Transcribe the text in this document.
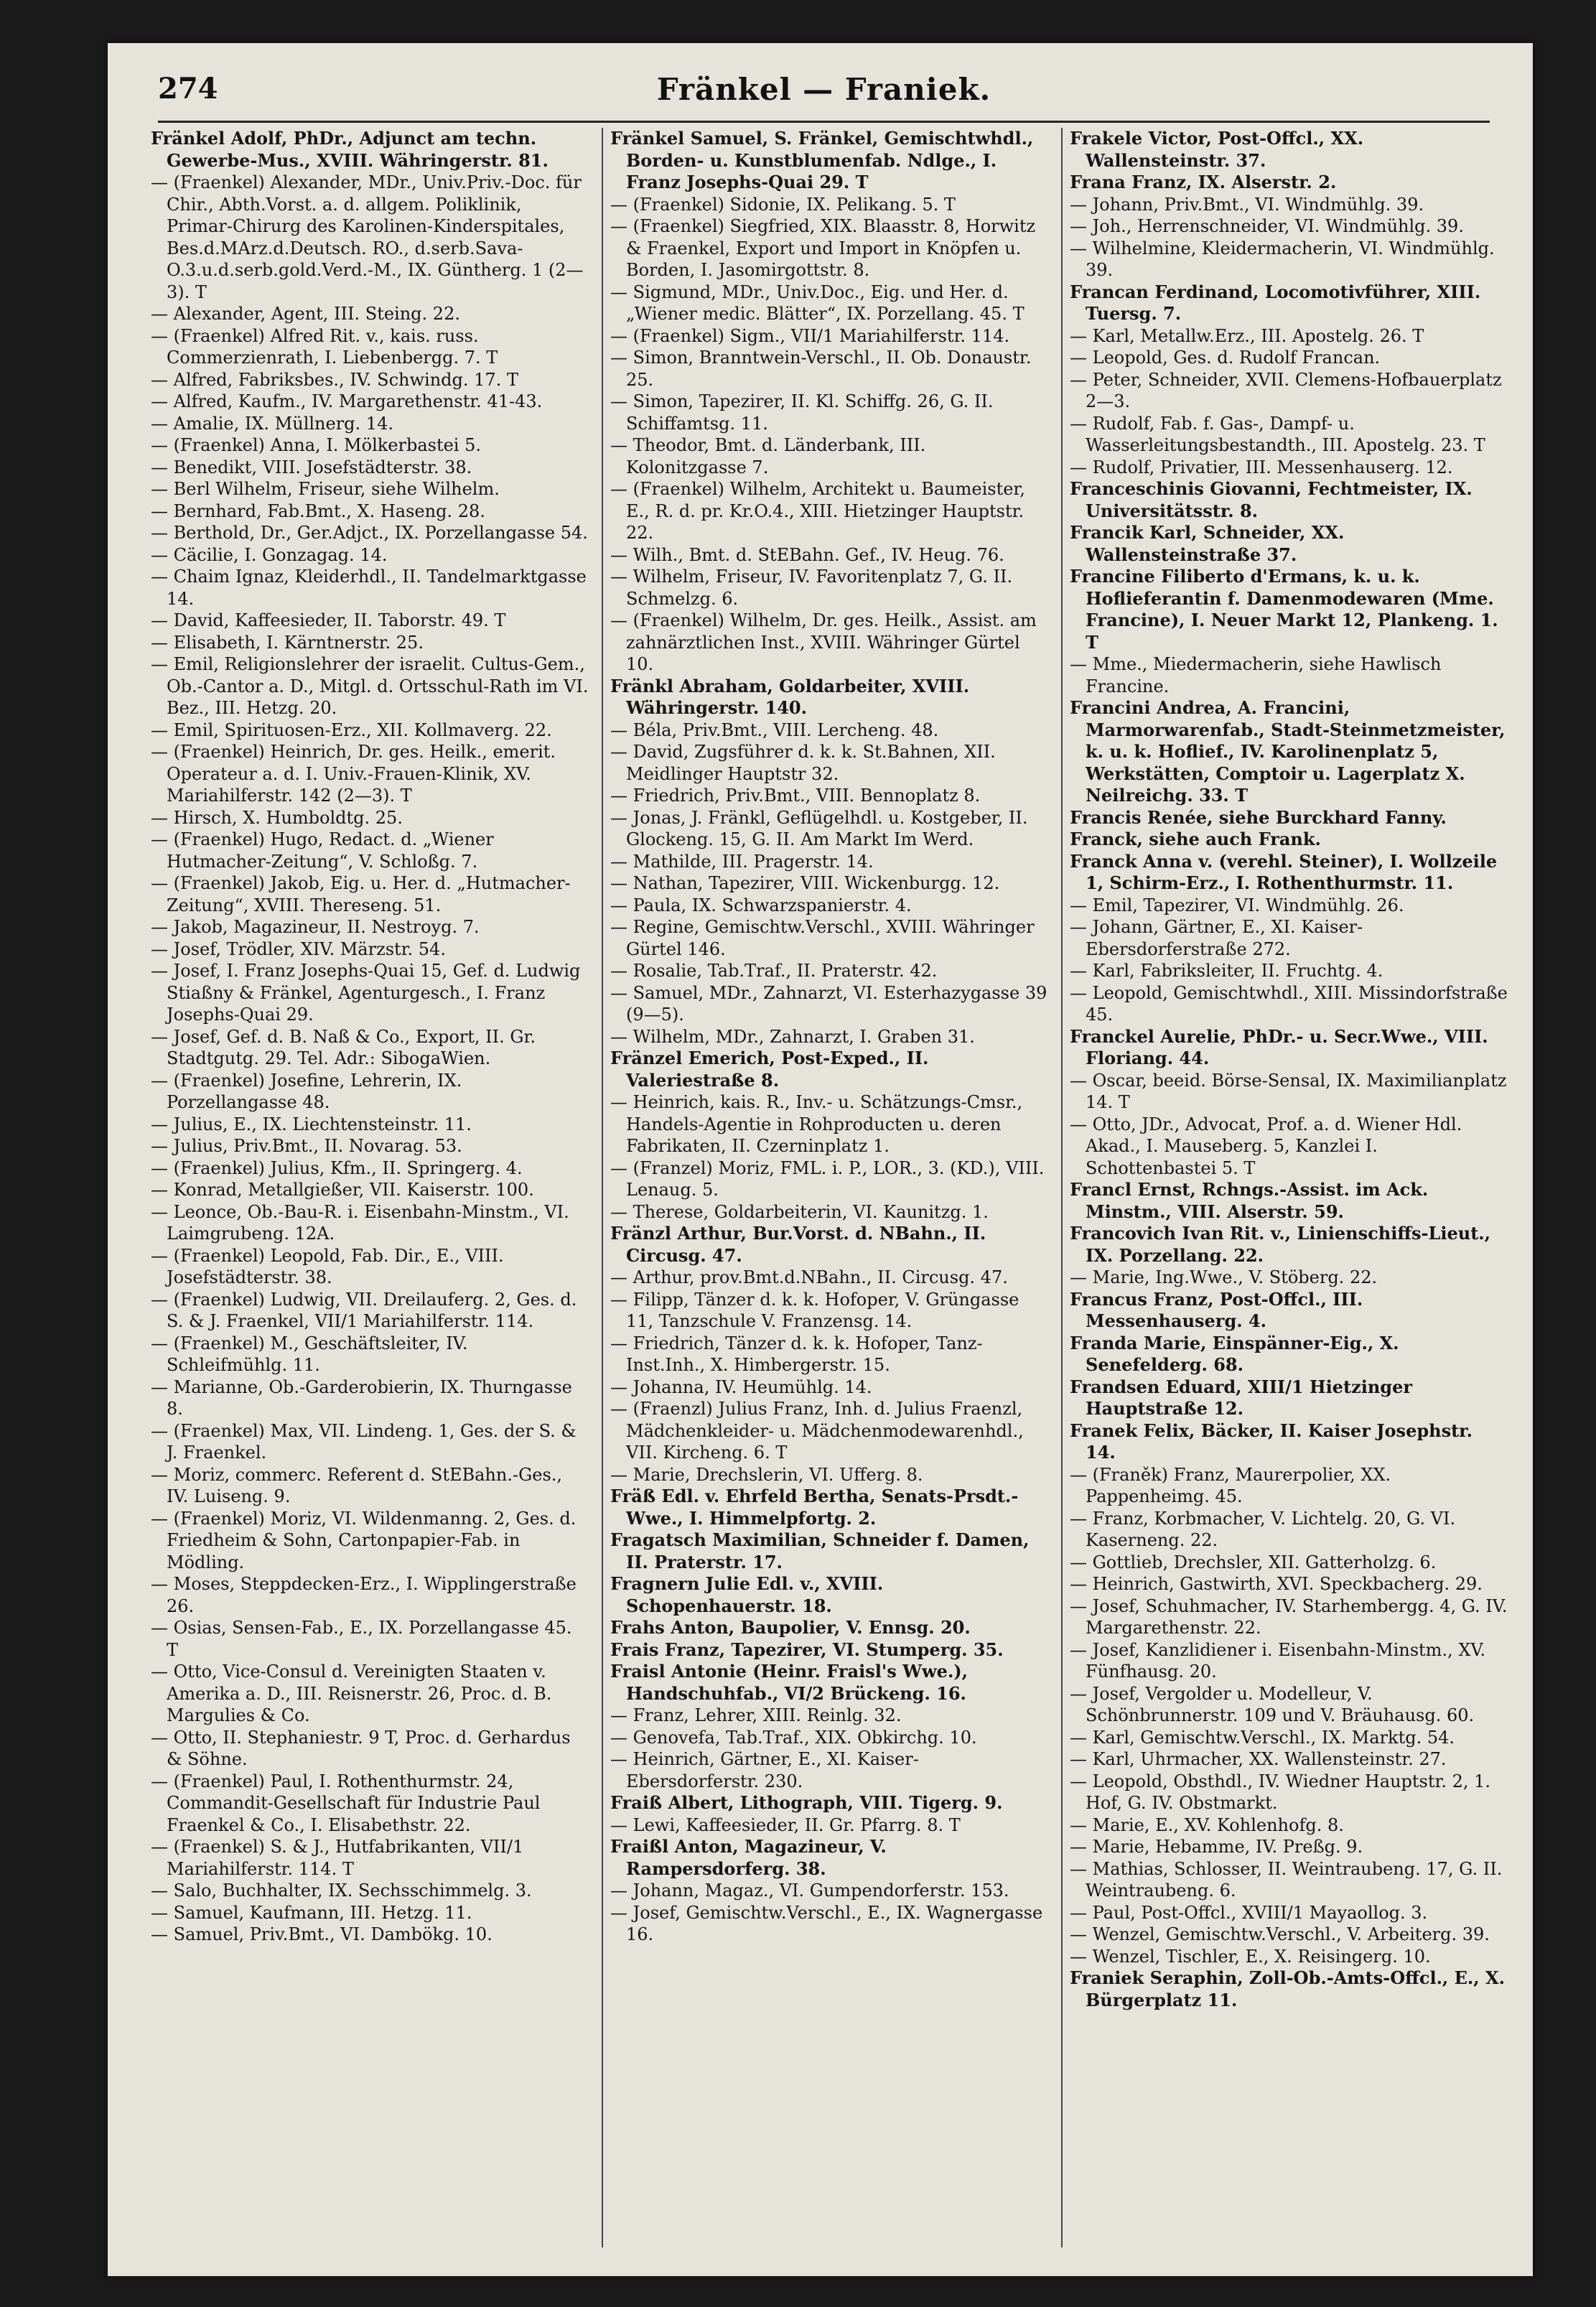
274	Fränkel — Franiek.

Fränkel Adolf, PhDr., Adjunct am techn. Gewerbe-Mus., XVIII. Währingerstr. 81.

— (Fraenkel) Alexander, MDr., Univ.Priv.-Doc. für Chir., Abth.Vorst. a. d. allgem. Poliklinik, Primar-Chirurg des Karolinen-Kinderspitales, Bes.d.MArz.d.Deutsch. RO., d.serb.Sava-O.3.u.d.serb.gold.Verd.-M., IX. Güntherg. 1 (2—3). T

— Alexander, Agent, III. Steing. 22.

— (Fraenkel) Alfred Rit. v., kais. russ. Commerzienrath, I. Liebenbergg. 7. T

— Alfred, Fabriksbes., IV. Schwindg. 17. T

— Alfred, Kaufm., IV. Margarethenstr. 41-43.

— Amalie, IX. Müllnerg. 14.

— (Fraenkel) Anna, I. Mölkerbastei 5.

— Benedikt, VIII. Josefstädterstr. 38.

— Berl Wilhelm, Friseur, siehe Wilhelm.

— Bernhard, Fab.Bmt., X. Haseng. 28.

— Berthold, Dr., Ger.Adjct., IX. Porzellangasse 54.

— Cäcilie, I. Gonzagag. 14.

— Chaim Ignaz, Kleiderhdl., II. Tandelmarktgasse 14.

— David, Kaffeesieder, II. Taborstr. 49. T

— Elisabeth, I. Kärntnerstr. 25.

— Emil, Religionslehrer der israelit. Cultus-Gem., Ob.-Cantor a. D., Mitgl. d. Ortsschul-Rath im VI. Bez., III. Hetzg. 20.

— Emil, Spirituosen-Erz., XII. Kollmaverg. 22.

— (Fraenkel) Heinrich, Dr. ges. Heilk., emerit. Operateur a. d. I. Univ.-Frauen-Klinik, XV. Mariahilferstr. 142 (2—3). T

— Hirsch, X. Humboldtg. 25.

— (Fraenkel) Hugo, Redact. d. „Wiener Hutmacher-Zeitung“, V. Schloßg. 7.

— (Fraenkel) Jakob, Eig. u. Her. d. „Hutmacher-Zeitung“, XVIII. Thereseng. 51.

— Jakob, Magazineur, II. Nestroyg. 7.

— Josef, Trödler, XIV. Märzstr. 54.

— Josef, I. Franz Josephs-Quai 15, Gef. d. Ludwig Stiaßny & Fränkel, Agenturgesch., I. Franz Josephs-Quai 29.

— Josef, Gef. d. B. Naß & Co., Export, II. Gr. Stadtgutg. 29. Tel. Adr.: SibogaWien.

— (Fraenkel) Josefine, Lehrerin, IX. Porzellangasse 48.

— Julius, E., IX. Liechtensteinstr. 11.

— Julius, Priv.Bmt., II. Novarag. 53.

— (Fraenkel) Julius, Kfm., II. Springerg. 4.

— Konrad, Metallgießer, VII. Kaiserstr. 100.

— Leonce, Ob.-Bau-R. i. Eisenbahn-Minstm., VI. Laimgrubeng. 12A.

— (Fraenkel) Leopold, Fab. Dir., E., VIII. Josefstädterstr. 38.

— (Fraenkel) Ludwig, VII. Dreilauferg. 2, Ges. d. S. & J. Fraenkel, VII/1 Mariahilferstr. 114.

— (Fraenkel) M., Geschäftsleiter, IV. Schleifmühlg. 11.

— Marianne, Ob.-Garderobierin, IX. Thurngasse 8.

— (Fraenkel) Max, VII. Lindeng. 1, Ges. der S. & J. Fraenkel.

— Moriz, commerc. Referent d. StEBahn.-Ges., IV. Luiseng. 9.

— (Fraenkel) Moriz, VI. Wildenmanng. 2, Ges. d. Friedheim & Sohn, Cartonpapier-Fab. in Mödling.

— Moses, Steppdecken-Erz., I. Wipplingerstraße 26.

— Osias, Sensen-Fab., E., IX. Porzellangasse 45. T

— Otto, Vice-Consul d. Vereinigten Staaten v. Amerika a. D., III. Reisnerstr. 26, Proc. d. B. Margulies & Co.

— Otto, II. Stephaniestr. 9 T, Proc. d. Gerhardus & Söhne.

— (Fraenkel) Paul, I. Rothenthurmstr. 24, Commandit-Gesellschaft für Industrie Paul Fraenkel & Co., I. Elisabethstr. 22.

— (Fraenkel) S. & J., Hutfabrikanten, VII/1 Mariahilferstr. 114. T

— Salo, Buchhalter, IX. Sechsschimmelg. 3.

— Samuel, Kaufmann, III. Hetzg. 11.

— Samuel, Priv.Bmt., VI. Dambökg. 10.

Fränkel Samuel, S. Fränkel, Gemischtwhdl., Borden- u. Kunstblumenfab. Ndlge., I. Franz Josephs-Quai 29. T

— (Fraenkel) Sidonie, IX. Pelikang. 5. T

— (Fraenkel) Siegfried, XIX. Blaasstr. 8, Horwitz & Fraenkel, Export und Import in Knöpfen u. Borden, I. Jasomirgottstr. 8.

— Sigmund, MDr., Univ.Doc., Eig. und Her. d. „Wiener medic. Blätter“, IX. Porzellang. 45. T

— (Fraenkel) Sigm., VII/1 Mariahilferstr. 114.

— Simon, Branntwein-Verschl., II. Ob. Donaustr. 25.

— Simon, Tapezirer, II. Kl. Schiffg. 26, G. II. Schiffamtsg. 11.

— Theodor, Bmt. d. Länderbank, III. Kolonitzgasse 7.

— (Fraenkel) Wilhelm, Architekt u. Baumeister, E., R. d. pr. Kr.O.4., XIII. Hietzinger Hauptstr. 22.

— Wilh., Bmt. d. StEBahn. Gef., IV. Heug. 76.

— Wilhelm, Friseur, IV. Favoritenplatz 7, G. II. Schmelzg. 6.

— (Fraenkel) Wilhelm, Dr. ges. Heilk., Assist. am zahnärztlichen Inst., XVIII. Währinger Gürtel 10.

Fränkl Abraham, Goldarbeiter, XVIII. Währingerstr. 140.

— Béla, Priv.Bmt., VIII. Lercheng. 48.

— David, Zugsführer d. k. k. St.Bahnen, XII. Meidlinger Hauptstr 32.

— Friedrich, Priv.Bmt., VIII. Bennoplatz 8.

— Jonas, J. Fränkl, Geflügelhdl. u. Kostgeber, II. Glockeng. 15, G. II. Am Markt Im Werd.

— Mathilde, III. Pragerstr. 14.

— Nathan, Tapezirer, VIII. Wickenburgg. 12.

— Paula, IX. Schwarzspanierstr. 4.

— Regine, Gemischtw.Verschl., XVIII. Währinger Gürtel 146.

— Rosalie, Tab.Traf., II. Praterstr. 42.

— Samuel, MDr., Zahnarzt, VI. Esterhazygasse 39 (9—5).

— Wilhelm, MDr., Zahnarzt, I. Graben 31.

Fränzel Emerich, Post-Exped., II. Valeriestraße 8.

— Heinrich, kais. R., Inv.- u. Schätzungs-Cmsr., Handels-Agentie in Rohproducten u. deren Fabrikaten, II. Czerninplatz 1.

— (Franzel) Moriz, FML. i. P., LOR., 3. (KD.), VIII. Lenaug. 5.

— Therese, Goldarbeiterin, VI. Kaunitzg. 1.

Fränzl Arthur, Bur.Vorst. d. NBahn., II. Circusg. 47.

— Arthur, prov.Bmt.d.NBahn., II. Circusg. 47.

— Filipp, Tänzer d. k. k. Hofoper, V. Grüngasse 11, Tanzschule V. Franzensg. 14.

— Friedrich, Tänzer d. k. k. Hofoper, Tanz-Inst.Inh., X. Himbergerstr. 15.

— Johanna, IV. Heumühlg. 14.

— (Fraenzl) Julius Franz, Inh. d. Julius Fraenzl, Mädchenkleider- u. Mädchenmodewarenhdl., VII. Kircheng. 6. T

— Marie, Drechslerin, VI. Ufferg. 8.

Fräß Edl. v. Ehrfeld Bertha, Senats-Prsdt.-Wwe., I. Himmelpfortg. 2.

Fragatsch Maximilian, Schneider f. Damen, II. Praterstr. 17.

Fragnern Julie Edl. v., XVIII. Schopenhauerstr. 18.

Frahs Anton, Baupolier, V. Ennsg. 20.

Frais Franz, Tapezirer, VI. Stumperg. 35.

Fraisl Antonie (Heinr. Fraisl's Wwe.), Handschuhfab., VI/2 Brückeng. 16.

— Franz, Lehrer, XIII. Reinlg. 32.

— Genovefa, Tab.Traf., XIX. Obkirchg. 10.

— Heinrich, Gärtner, E., XI. Kaiser-Ebersdorferstr. 230.

Fraiß Albert, Lithograph, VIII. Tigerg. 9.

— Lewi, Kaffeesieder, II. Gr. Pfarrg. 8. T

Fraißl Anton, Magazineur, V. Rampersdorferg. 38.

— Johann, Magaz., VI. Gumpendorferstr. 153.

— Josef, Gemischtw.Verschl., E., IX. Wagnergasse 16.

Frakele Victor, Post-Offcl., XX. Wallensteinstr. 37.

Frana Franz, IX. Alserstr. 2.

— Johann, Priv.Bmt., VI. Windmühlg. 39.

— Joh., Herrenschneider, VI. Windmühlg. 39.

— Wilhelmine, Kleidermacherin, VI. Windmühlg. 39.

Francan Ferdinand, Locomotivführer, XIII. Tuersg. 7.

— Karl, Metallw.Erz., III. Apostelg. 26. T

— Leopold, Ges. d. Rudolf Francan.

— Peter, Schneider, XVII. Clemens-Hofbauerplatz 2—3.

— Rudolf, Fab. f. Gas-, Dampf- u. Wasserleitungsbestandth., III. Apostelg. 23. T

— Rudolf, Privatier, III. Messenhauserg. 12.

Franceschinis Giovanni, Fechtmeister, IX. Universitätsstr. 8.

Francik Karl, Schneider, XX. Wallensteinstraße 37.

Francine Filiberto d'Ermans, k. u. k. Hoflieferantin f. Damenmodewaren (Mme. Francine), I. Neuer Markt 12, Plankeng. 1. T

— Mme., Miedermacherin, siehe Hawlisch Francine.

Francini Andrea, A. Francini, Marmorwarenfab., Stadt-Steinmetzmeister, k. u. k. Hoflief., IV. Karolinenplatz 5, Werkstätten, Comptoir u. Lagerplatz X. Neilreichg. 33. T

Francis Renée, siehe Burckhard Fanny.

Franck, siehe auch Frank.

Franck Anna v. (verehl. Steiner), I. Wollzeile 1, Schirm-Erz., I. Rothenthurmstr. 11.

— Emil, Tapezirer, VI. Windmühlg. 26.

— Johann, Gärtner, E., XI. Kaiser-Ebersdorferstraße 272.

— Karl, Fabriksleiter, II. Fruchtg. 4.

— Leopold, Gemischtwhdl., XIII. Missindorfstraße 45.

Franckel Aurelie, PhDr.- u. Secr.Wwe., VIII. Floriang. 44.

— Oscar, beeid. Börse-Sensal, IX. Maximilianplatz 14. T

— Otto, JDr., Advocat, Prof. a. d. Wiener Hdl. Akad., I. Mauseberg. 5, Kanzlei I. Schottenbastei 5. T

Francl Ernst, Rchngs.-Assist. im Ack. Minstm., VIII. Alserstr. 59.

Francovich Ivan Rit. v., Linienschiffs-Lieut., IX. Porzellang. 22.

— Marie, Ing.Wwe., V. Stöberg. 22.

Francus Franz, Post-Offcl., III. Messenhauserg. 4.

Franda Marie, Einspänner-Eig., X. Senefelderg. 68.

Frandsen Eduard, XIII/1 Hietzinger Hauptstraße 12.

Franek Felix, Bäcker, II. Kaiser Josephstr. 14.

— (Franěk) Franz, Maurerpolier, XX. Pappenheimg. 45.

— Franz, Korbmacher, V. Lichtelg. 20, G. VI. Kaserneng. 22.

— Gottlieb, Drechsler, XII. Gatterholzg. 6.

— Heinrich, Gastwirth, XVI. Speckbacherg. 29.

— Josef, Schuhmacher, IV. Starhembergg. 4, G. IV. Margarethenstr. 22.

— Josef, Kanzlidiener i. Eisenbahn-Minstm., XV. Fünfhausg. 20.

— Josef, Vergolder u. Modelleur, V. Schönbrunnerstr. 109 und V. Bräuhausg. 60.

— Karl, Gemischtw.Verschl., IX. Marktg. 54.

— Karl, Uhrmacher, XX. Wallensteinstr. 27.

— Leopold, Obsthdl., IV. Wiedner Hauptstr. 2, 1. Hof, G. IV. Obstmarkt.

— Marie, E., XV. Kohlenhofg. 8.

— Marie, Hebamme, IV. Preßg. 9.

— Mathias, Schlosser, II. Weintraubeng. 17, G. II. Weintraubeng. 6.

— Paul, Post-Offcl., XVIII/1 Mayaollog. 3.

— Wenzel, Gemischtw.Verschl., V. Arbeiterg. 39.

— Wenzel, Tischler, E., X. Reisingerg. 10.

Franiek Seraphin, Zoll-Ob.-Amts-Offcl., E., X. Bürgerplatz 11.
